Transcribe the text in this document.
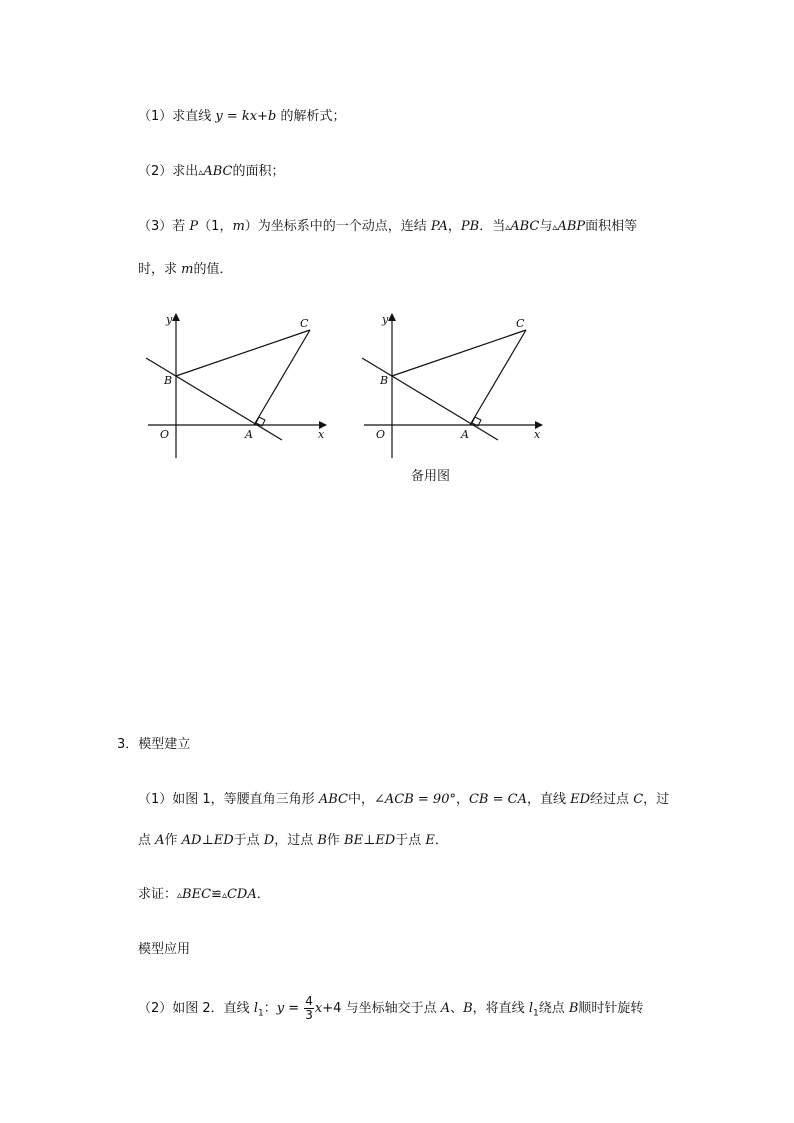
（1）求直线 y = kx+b 的解析式；
（2）求出▵ABC的面积；
（3）若 P（1，m）为坐标系中的一个动点，连结 PA，PB．当▵ABC与▵ABP面积相等
时，求 m的值．
y
x
O	A
B
C	y
x
O	A
B
C
备用图
3．模型建立
（1）如图 1，等腰直角三角形 ABC中，∠ACB = 90°，CB = CA，直线 ED经过点 C，过
点 A作 AD⊥ED于点 D，过点 B作 BE⊥ED于点 E．
求证：▵BEC≌▵CDA．
模型应用
（2）如图 2．直线 $l_1$：$y = \frac{4}{3} x+4$ 与坐标轴交于点 A、B，将直线 $l_1$绕点 B顺时针旋转
